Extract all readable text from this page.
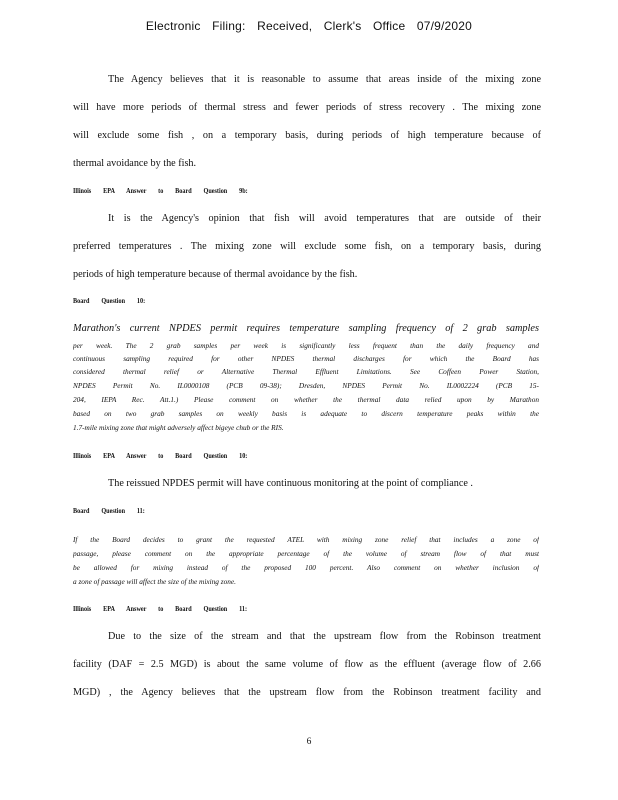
Electronic Filing: Received, Clerk's Office 07/9/2020
The Agency believes that it is reasonable to assume that areas inside of the mixing zone
will have more periods of thermal stress and fewer periods of stress recovery . The mixing zone
will exclude some fish , on a temporary basis, during periods of high temperature because of
thermal avoidance by the fish.
Illinois EPA Answer to Board Question 9b:
It is the Agency's opinion that fish will avoid temperatures that are outside of their
preferred temperatures . The mixing zone will exclude some fish, on a temporary basis, during
periods of high temperature because of thermal avoidance by the fish.
Board Question 10:
Marathon's current NPDES permit requires temperature sampling frequency of 2 grab samples
per week. The 2 grab samples per week is significantly less frequent than the daily frequency and
continuous sampling required for other NPDES thermal discharges for which the Board has
considered thermal relief or Alternative Thermal Effluent Limitations. See Coffeen Power Station,
NPDES Permit No. IL0000108 (PCB 09-38); Dresden, NPDES Permit No. IL0002224 (PCB 15-
204, IEPA Rec. Att.1.) Please comment on whether the thermal data relied upon by Marathon
based on two grab samples on weekly basis is adequate to discern temperature peaks within the
1.7-mile mixing zone that might adversely affect bigeye chub or the RIS.
Illinois EPA Answer to Board Question 10:
The reissued NPDES permit will have continuous monitoring at the point of compliance .
Board Question 11:
If the Board decides to grant the requested ATEL with mixing zone relief that includes a zone of
passage, please comment on the appropriate percentage of the volume of stream flow of that must
be allowed for mixing instead of the proposed 100 percent. Also comment on whether inclusion of
a zone of passage will affect the size of the mixing zone.
Illinois EPA Answer to Board Question 11:
Due to the size of the stream and that the upstream flow from the Robinson treatment
facility (DAF = 2.5 MGD) is about the same volume of flow as the effluent (average flow of 2.66
MGD) , the Agency believes that the upstream flow from the Robinson treatment facility and
6
